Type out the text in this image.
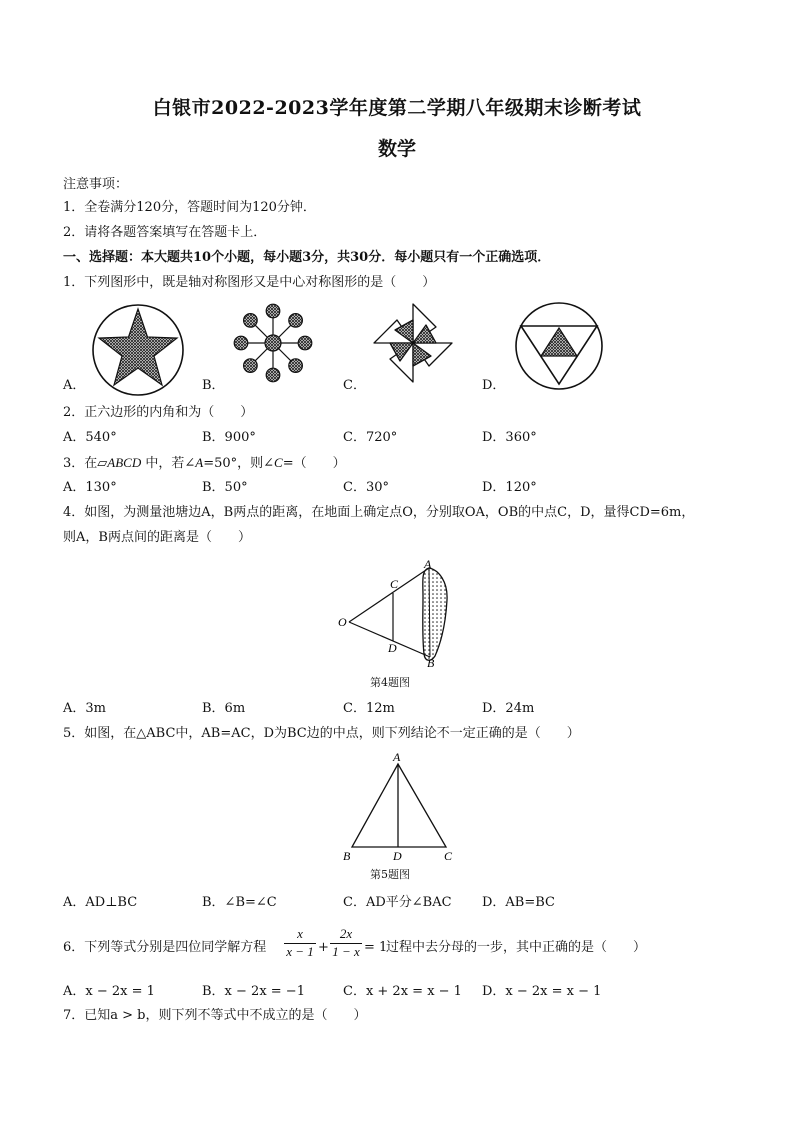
白银市2022-2023学年度第二学期八年级期末诊断考试
数学
注意事项：
1．全卷满分120分，答题时间为120分钟．
2．请将各题答案填写在答题卡上．
一、选择题：本大题共10个小题，每小题3分，共30分．每小题只有一个正确选项．
1．下列图形中，既是轴对称图形又是中心对称图形的是（　　）
A．	B．	C．	D．
2．正六边形的内角和为（　　）
A．540°	B．900°	C．720°	D．360°
3．在▱ABCD 中，若∠A=50°，则∠C=（　　）
A．130°	B．50°	C．30°	D．120°
4．如图，为测量池塘边A，B两点的距离，在地面上确定点O，分别取OA，OB的中点C，D，量得CD=6m，
则A，B两点间的距离是（　　）
O
C
D
A
B
第4题图
A．3m	B．6m	C．12m	D．24m
5．如图，在△ABC中，AB=AC，D为BC边的中点，则下列结论不一定正确的是（　　）
A
B	D	C
第5题图
A．AD⊥BC	B．∠B=∠C	C．AD平分∠BAC D．AB=BC
6．下列等式分别是四位同学解方程
x
x − 1 +
2x
1 − x = 1
过程中去分母的一步，其中正确的是（　　）
A．x − 2x = 1	B．x − 2x = −1	C．x + 2x = x − 1 D．x − 2x = x − 1
7．已知a > b，则下列不等式中不成立的是（　　）
